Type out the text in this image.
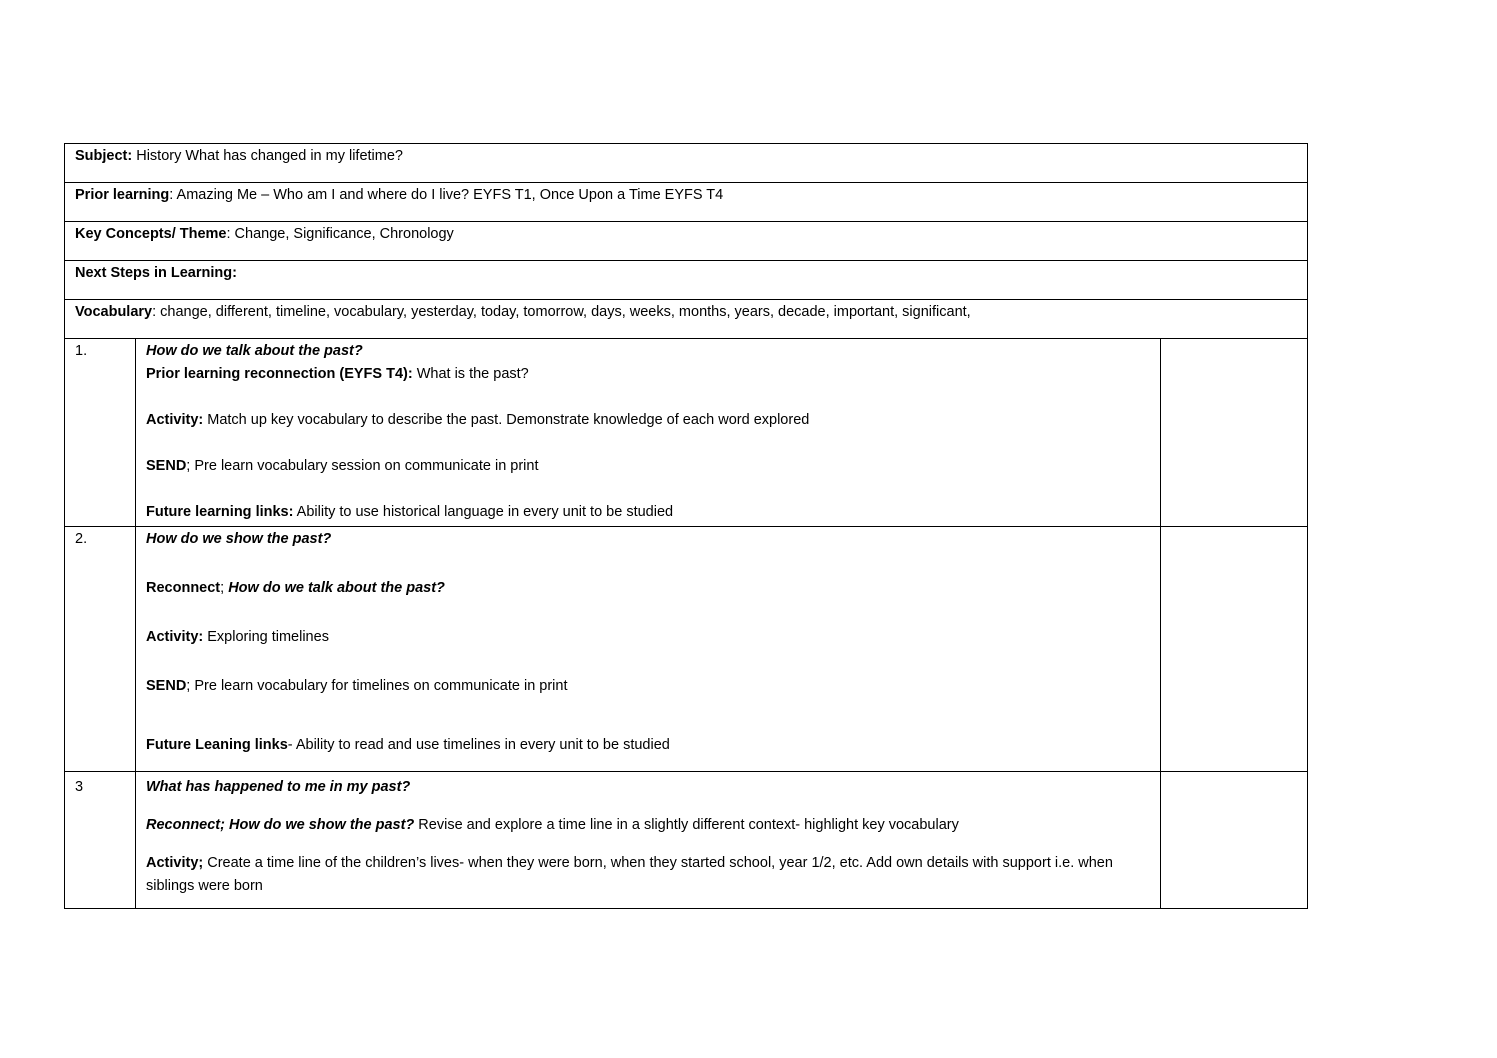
Subject: History What has changed in my lifetime?		
Prior learning: Amazing Me – Who am I and where do I live? EYFS T1, Once Upon a Time EYFS T4		
Key Concepts/ Theme: Change, Significance, Chronology		
Next Steps in Learning:		
Vocabulary: change, different, timeline, vocabulary, yesterday, today, tomorrow, days, weeks, months, years, decade, important, significant,		
1.	How do we talk about the past?
Prior learning reconnection (EYFS T4): What is the past?
Activity: Match up key vocabulary to describe the past. Demonstrate knowledge of each word explored
SEND; Pre learn vocabulary session on communicate in print
Future learning links: Ability to use historical language in every unit to be studied	

2.	How do we show the past?
Reconnect; How do we talk about the past?
Activity: Exploring timelines
SEND; Pre learn vocabulary for timelines on communicate in print
Future Leaning links- Ability to read and use timelines in every unit to be studied	

3	What has happened to me in my past?
Reconnect; How do we show the past? Revise and explore a time line in a slightly different context- highlight key vocabulary
Activity; Create a time line of the children’s lives- when they were born, when they started school, year 1/2, etc. Add own details with support i.e. when siblings were born	
